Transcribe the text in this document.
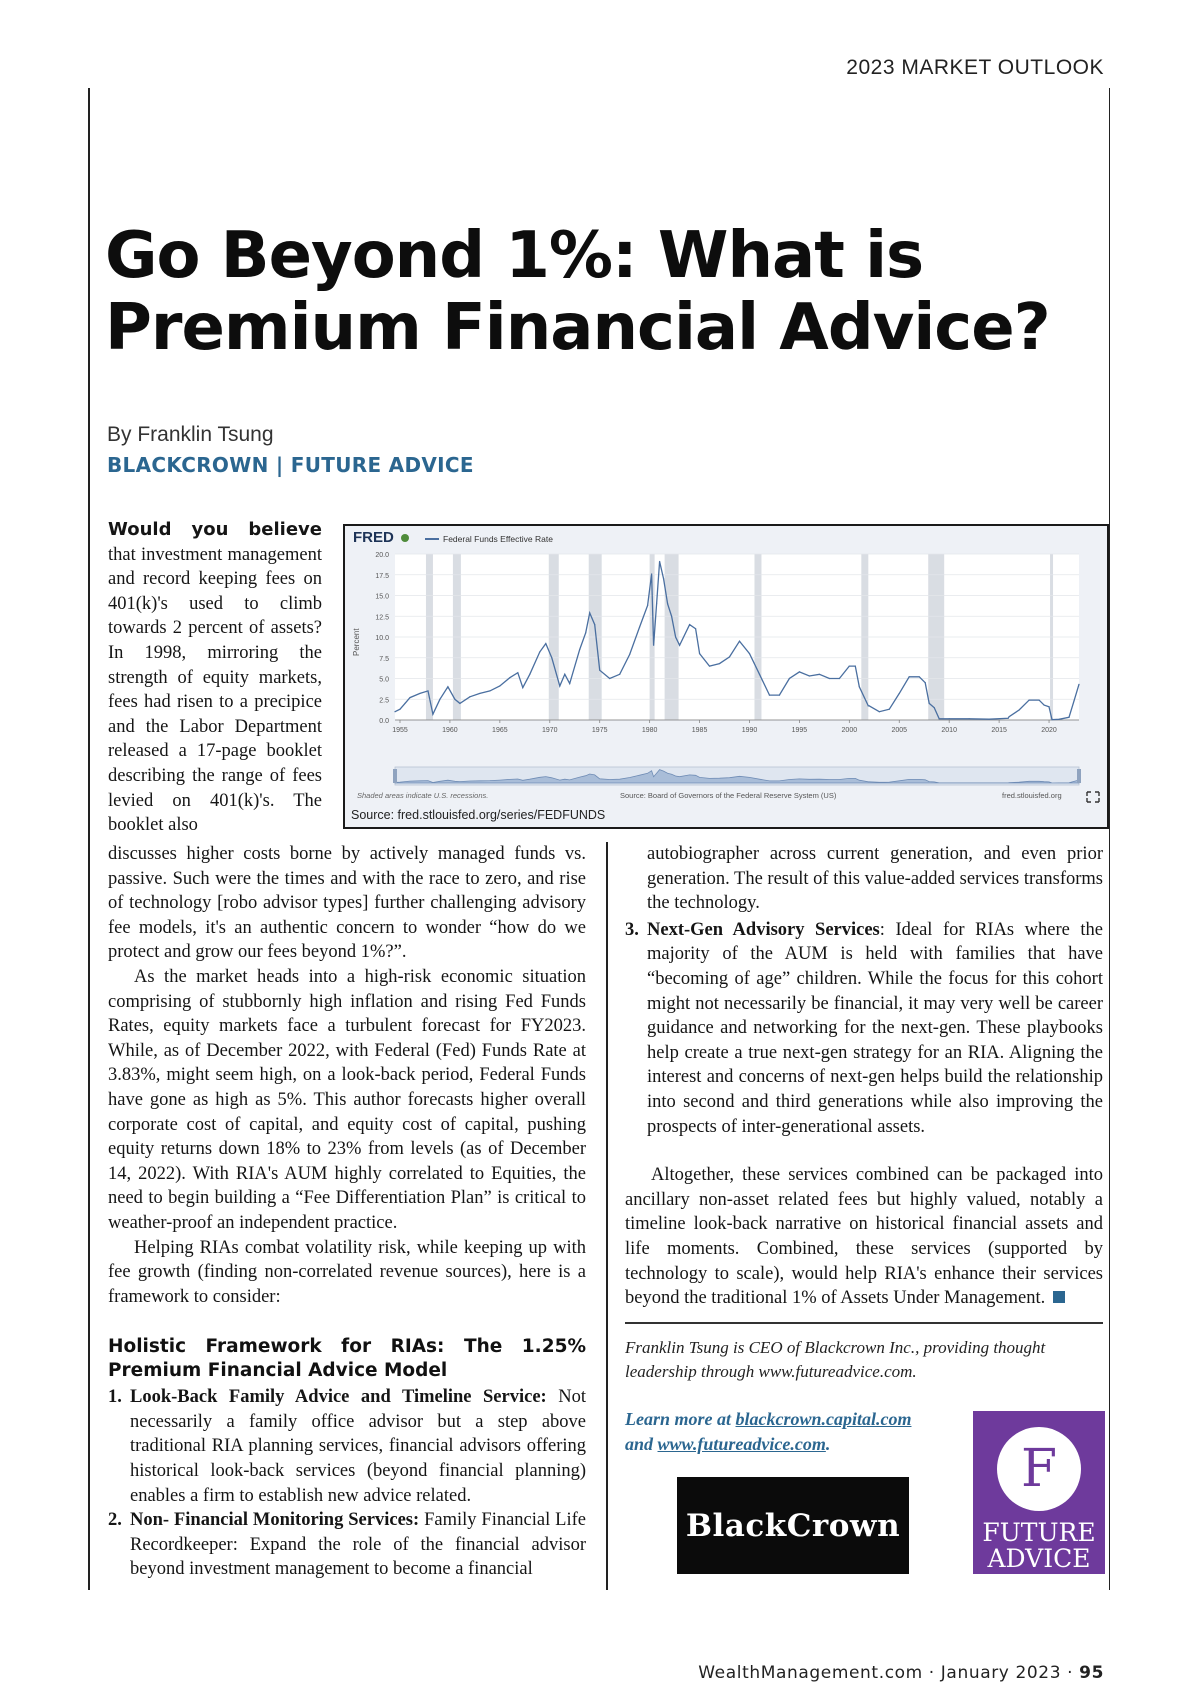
2023 MARKET OUTLOOK
Go Beyond 1%: What is Premium Financial Advice?
By Franklin Tsung
BLACKCROWN | FUTURE ADVICE
Would you believe
that investment management and record keeping fees on 401(k)'s used to climb towards 2 percent of assets? In 1998, mirroring the strength of equity markets, fees had risen to a precipice and the Labor Department released a 17-page booklet describing the range of fees levied on 401(k)'s. The booklet also
FRED	Federal Funds Effective Rate
Percent
0.0
2.5
5.0
7.5
10.0
12.5
15.0
17.5
20.0
1955	1960	1965	1970	1975	1980	1985	1990	1995	2000	2005	2010	2015	2020
Shaded areas indicate U.S. recessions.	Source: Board of Governors of the Federal Reserve System (US)	fred.stlouisfed.org
Source: fred.stlouisfed.org/series/FEDFUNDS

discusses higher costs borne by actively managed funds vs. passive. Such were the times and with the race to zero, and rise of technology [robo advisor types] further challenging advisory fee models, it's an authentic concern to wonder “how do we protect and grow our fees beyond 1%?”.

As the market heads into a high-risk economic situation comprising of stubbornly high inflation and rising Fed Funds Rates, equity markets face a turbulent forecast for FY2023. While, as of December 2022, with Federal (Fed) Funds Rate at 3.83%, might seem high, on a look-back period, Federal Funds have gone as high as 5%. This author forecasts higher overall corporate cost of capital, and equity cost of capital, pushing equity returns down 18% to 23% from levels (as of December 14, 2022). With RIA's AUM highly correlated to Equities, the need to begin building a “Fee Differentiation Plan” is critical to weather-proof an independent practice.

Helping RIAs combat volatility risk, while keeping up with fee growth (finding non-correlated revenue sources), here is a framework to consider:

Holistic Framework for RIAs: The 1.25% Premium Financial Advice Model

1. Look-Back Family Advice and Timeline Service: Not necessarily a family office advisor but a step above traditional RIA planning services, financial advisors offering historical look-back services (beyond financial planning) enables a firm to establish new advice related.
2. Non- Financial Monitoring Services: Family Financial Life Recordkeeper: Expand the role of the financial advisor beyond investment management to become a financial

autobiographer across current generation, and even prior generation. The result of this value-added services transforms the technology.

3. Next-Gen Advisory Services: Ideal for RIAs where the majority of the AUM is held with families that have “becoming of age” children. While the focus for this cohort might not necessarily be financial, it may very well be career guidance and networking for the next-gen. These playbooks help create a true next-gen strategy for an RIA. Aligning the interest and concerns of next-gen helps build the relationship into second and third generations while also improving the prospects of inter-generational assets.

Altogether, these services combined can be packaged into ancillary non-asset related fees but highly valued, notably a timeline look-back narrative on historical financial assets and life moments. Combined, these services (supported by technology to scale), would help RIA's enhance their services beyond the traditional 1% of Assets Under Management.

Franklin Tsung is CEO of Blackcrown Inc., providing thought leadership through www.futureadvice.com.
Learn more at blackcrown.capital.com
and www.futureadvice.com.
BlackCrown
F
FUTURE
ADVICE
WealthManagement.com · January 2023 · 95
